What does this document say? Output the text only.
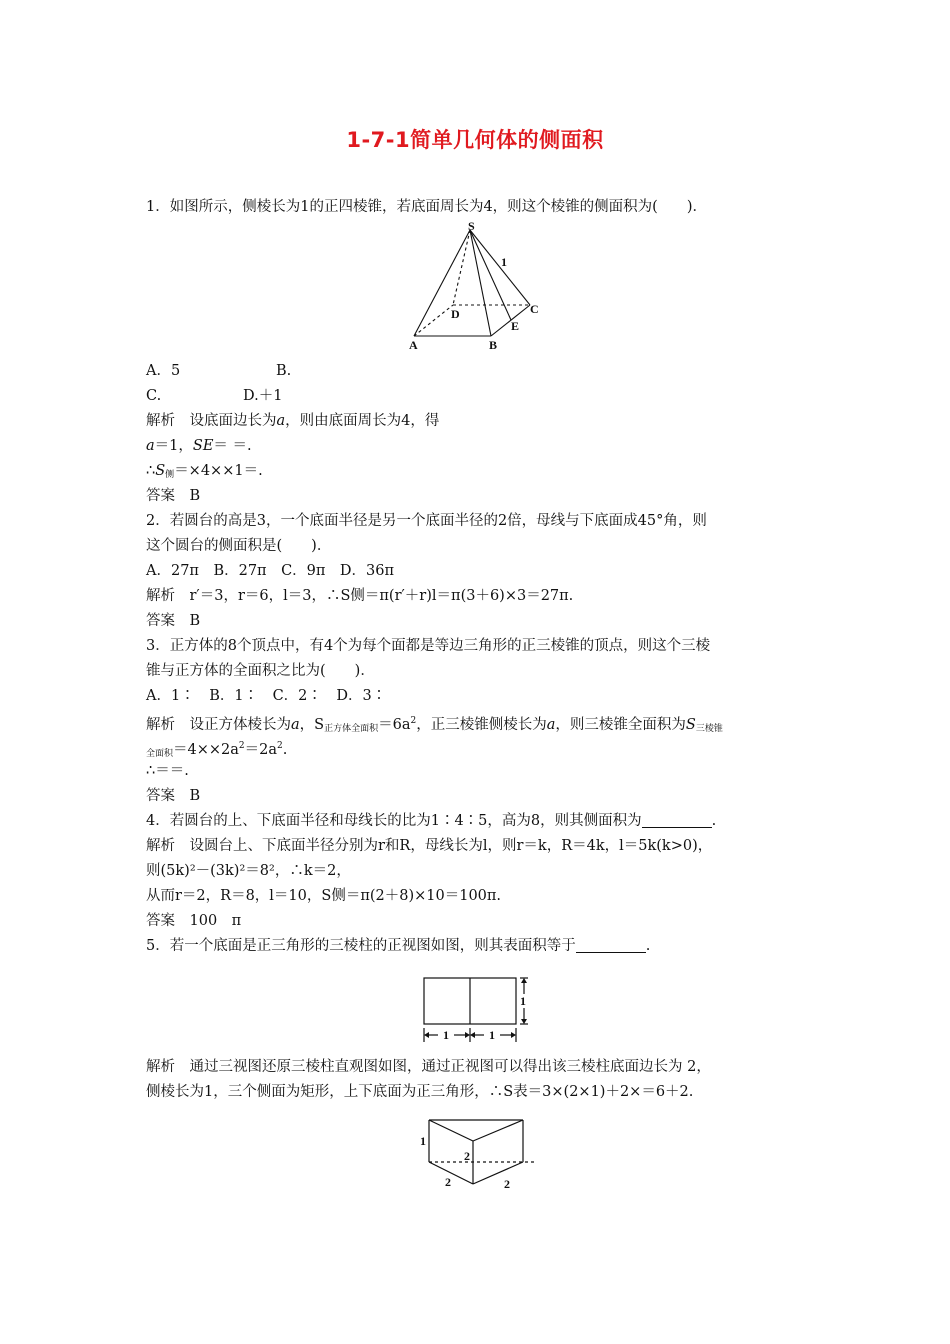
1-7-1简单几何体的侧面积
1．如图所示，侧棱长为1的正四棱锥，若底面周长为4，则这个棱锥的侧面积为(　　)．
S
1
C
D
E
A	B
A．5	B.
C.	D.＋1
解析　 设底面边长为a，则由底面周长为4，得
a＝1，SE＝ ＝.
$\therefore S_侧=\times 4\times\times 1=$.
答案　 B
2．若圆台的高是3，一个底面半径是另一个底面半径的2倍，母线与下底面成45°角，则
这个圆台的侧面积是(　　)．
A．27π　B．27π　C．9π　D．36π
解析　 r′＝3，r＝6，l＝3，∴S侧＝π(r′＋r)l＝π(3＋6)×3＝27π.
答案　 B
3．正方体的8个顶点中，有4个为每个面都是等边三角形的正三棱锥的顶点，则这个三棱
锥与正方体的全面积之比为(　　)．
A．1∶　B．1∶　C．2∶　D．3∶
解析　 设正方体棱长为a，$S_{正方体全面积}=6a^2$，正三棱锥侧棱长为a，则三棱锥全面积为$S_{三棱锥}$
$_{全面积}=4\times\times 2a^2=2a^2$.
∴＝＝.
答案　 B
4．若圆台的上、下底面半径和母线长的比为1∶4∶5，高为8，则其侧面积为	.
解析　 设圆台上、下底面半径分别为r和R，母线长为l，则r＝k，R＝4k，l＝5k(k>0)，
则(5k)²－(3k)²＝8²，∴k＝2，
从而r＝2，R＝8，l＝10，S侧＝π(2＋8)×10＝100π.
答案　 100　π
5．若一个底面是正三角形的三棱柱的正视图如图，则其表面积等于	.
1
1	1
解析　 通过三视图还原三棱柱直观图如图，通过正视图可以得出该三棱柱底面边长为 2，
侧棱长为1，三个侧面为矩形，上下底面为正三角形，∴S表＝3×(2×1)＋2×＝6＋2.
1
2
2	2
